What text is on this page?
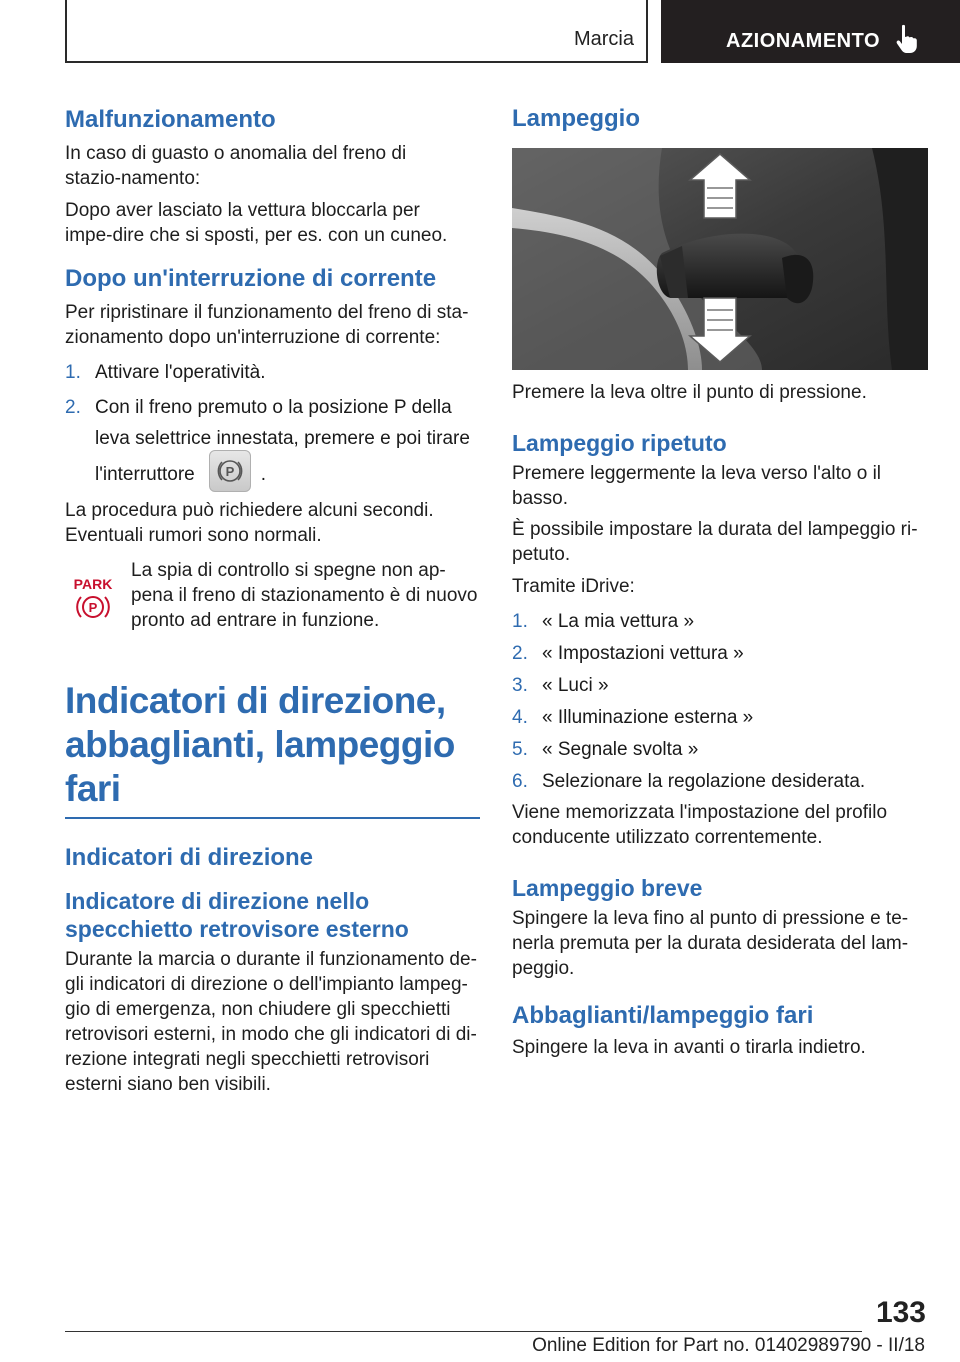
Marcia	AZIONAMENTO
Malfunzionamento

In caso di guasto o anomalia del freno di stazio-namento:

Dopo aver lasciato la vettura bloccarla per impe-dire che si sposti, per es. con un cuneo.

Dopo un'interruzione di corrente

Per ripristinare il funzionamento del freno di sta-zionamento dopo un'interruzione di corrente:

1. Attivare l'operatività.
2. Con il freno premuto o la posizione P della leva selettrice innestata, premere e poi tirare l'interruttore P .

La procedura può richiedere alcuni secondi. Eventuali rumori sono normali.

PARK
P

La spia di controllo si spegne non ap-pena il freno di stazionamento è di nuovo pronto ad entrare in funzione.

Indicatori di direzione, abbaglianti, lampeggio fari
Indicatori di direzione
Indicatore di direzione nello specchietto retrovisore esterno

Durante la marcia o durante il funzionamento de-gli indicatori di direzione o dell'impianto lampeg-gio di emergenza, non chiudere gli specchietti retrovisori esterni, in modo che gli indicatori di di-rezione integrati negli specchietti retrovisori esterni siano ben visibili.

Lampeggio

Premere la leva oltre il punto di pressione.

Lampeggio ripetuto

Premere leggermente la leva verso l'alto o il basso.

È possibile impostare la durata del lampeggio ri-petuto.

Tramite iDrive:

1. « La mia vettura »
2. « Impostazioni vettura »
3. « Luci »
4. « Illuminazione esterna »
5. « Segnale svolta »
6. Selezionare la regolazione desiderata.

Viene memorizzata l'impostazione del profilo conducente utilizzato correntemente.

Lampeggio breve

Spingere la leva fino al punto di pressione e te-nerla premuta per la durata desiderata del lam-peggio.

Abbaglianti/lampeggio fari

Spingere la leva in avanti o tirarla indietro.

133
Online Edition for Part no. 01402989790 - II/18
